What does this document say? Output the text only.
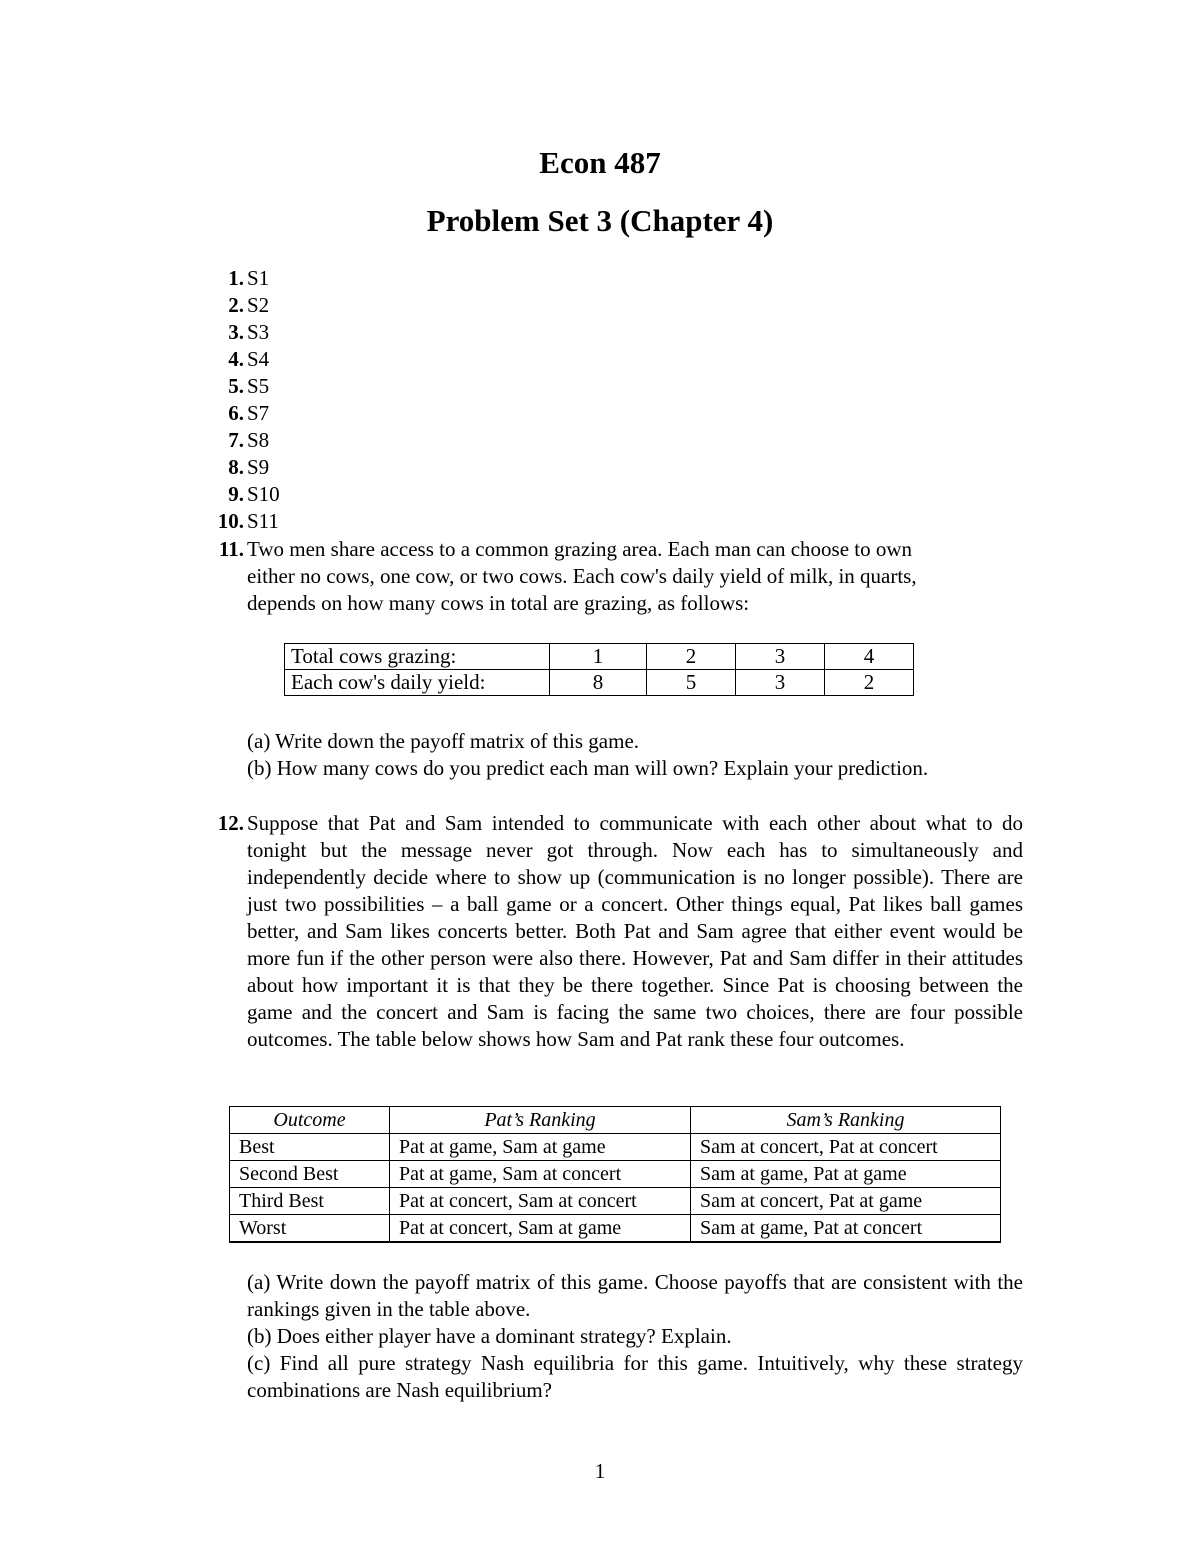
Econ 487
Problem Set 3 (Chapter 4)
1. S1
2. S2
3. S3
4. S4
5. S5
6. S7
7. S8
8. S9
9. S10
10. S11
11. Two men share access to a common grazing area. Each man can choose to own
either no cows, one cow, or two cows. Each cow's daily yield of milk, in quarts,
depends on how many cows in total are grazing, as follows:
Total cows grazing:	1	2	3	4
Each cow's daily yield:	8	5	3	2
(a) Write down the payoff matrix of this game.
(b) How many cows do you predict each man will own? Explain your prediction.
12. Suppose that Pat and Sam intended to communicate with each other about what to do tonight but the message never got through. Now each has to simultaneously and independently decide where to show up (communication is no longer possible). There are just two possibilities – a ball game or a concert. Other things equal, Pat likes ball games better, and Sam likes concerts better. Both Pat and Sam agree that either event would be more fun if the other person were also there. However, Pat and Sam differ in their attitudes about how important it is that they be there together. Since Pat is choosing between the game and the concert and Sam is facing the same two choices, there are four possible outcomes. The table below shows how Sam and Pat rank these four outcomes.
Outcome	Pat’s Ranking	Sam’s Ranking
Best	Pat at game, Sam at game	Sam at concert, Pat at concert
Second Best	Pat at game, Sam at concert	Sam at game, Pat at game
Third Best	Pat at concert, Sam at concert	Sam at concert, Pat at game
Worst	Pat at concert, Sam at game	Sam at game, Pat at concert
(a) Write down the payoff matrix of this game. Choose payoffs that are consistent with the rankings given in the table above.
(b) Does either player have a dominant strategy? Explain.
(c) Find all pure strategy Nash equilibria for this game. Intuitively, why these strategy combinations are Nash equilibrium?
1
